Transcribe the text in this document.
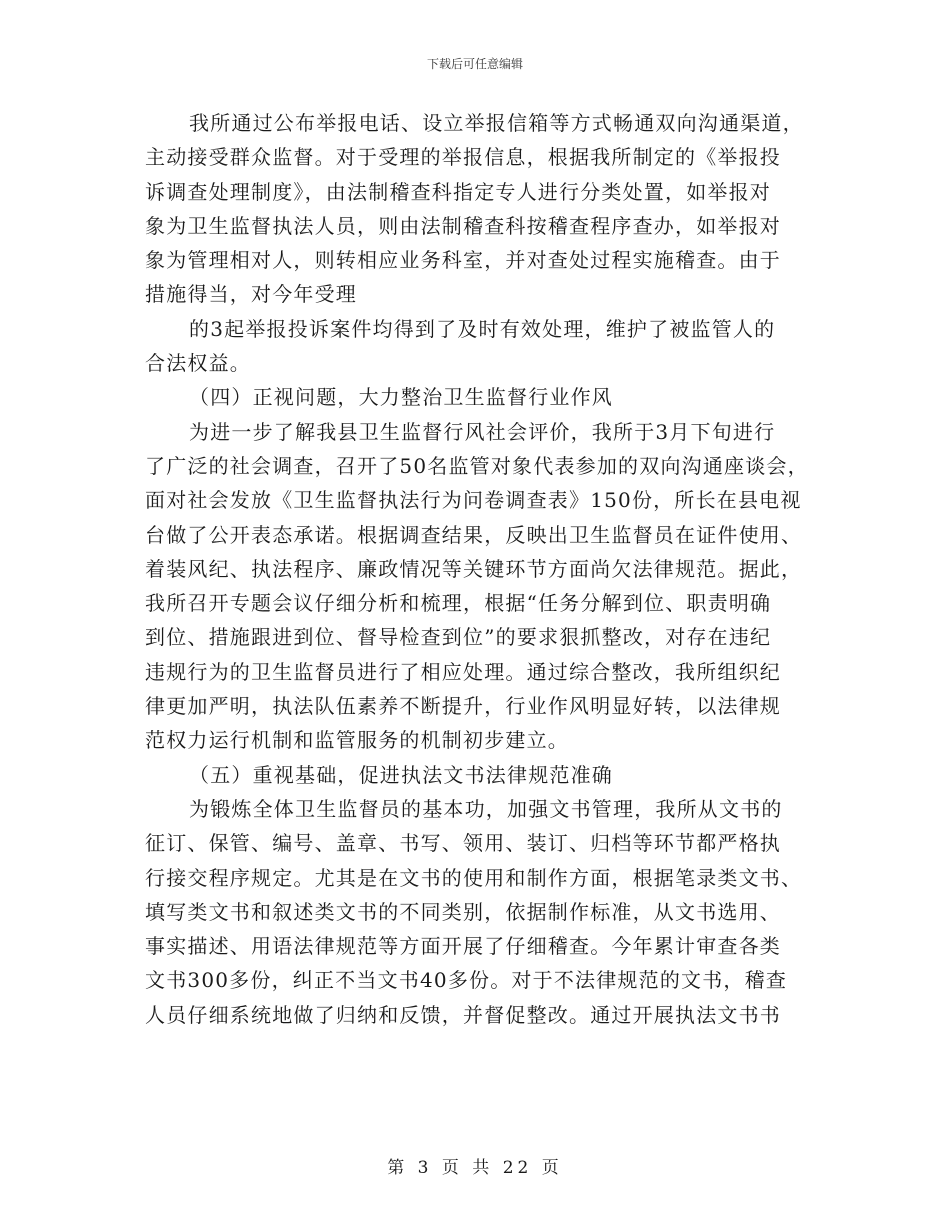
下载后可任意编辑
我所通过公布举报电话、设立举报信箱等方式畅通双向沟通渠道，
主动接受群众监督。对于受理的举报信息，根据我所制定的《举报投
诉调查处理制度》，由法制稽查科指定专人进行分类处置，如举报对
象为卫生监督执法人员，则由法制稽查科按稽查程序查办，如举报对
象为管理相对人，则转相应业务科室，并对查处过程实施稽查。由于
措施得当，对今年受理
的3起举报投诉案件均得到了及时有效处理，维护了被监管人的
合法权益。
（四）正视问题，大力整治卫生监督行业作风
为进一步了解我县卫生监督行风社会评价，我所于3月下旬进行
了广泛的社会调查，召开了50名监管对象代表参加的双向沟通座谈会，
面对社会发放《卫生监督执法行为问卷调查表》150份，所长在县电视
台做了公开表态承诺。根据调查结果，反映出卫生监督员在证件使用、
着装风纪、执法程序、廉政情况等关键环节方面尚欠法律规范。据此，
我所召开专题会议仔细分析和梳理，根据“任务分解到位、职责明确
到位、措施跟进到位、督导检查到位”的要求狠抓整改，对存在违纪
违规行为的卫生监督员进行了相应处理。通过综合整改，我所组织纪
律更加严明，执法队伍素养不断提升，行业作风明显好转，以法律规
范权力运行机制和监管服务的机制初步建立。
（五）重视基础，促进执法文书法律规范准确
为锻炼全体卫生监督员的基本功，加强文书管理，我所从文书的
征订、保管、编号、盖章、书写、领用、装订、归档等环节都严格执
行接交程序规定。尤其是在文书的使用和制作方面，根据笔录类文书、
填写类文书和叙述类文书的不同类别，依据制作标准，从文书选用、
事实描述、用语法律规范等方面开展了仔细稽查。今年累计审查各类
文书300多份，纠正不当文书40多份。对于不法律规范的文书，稽查
人员仔细系统地做了归纳和反馈，并督促整改。通过开展执法文书书
第 3 页 共 22 页
